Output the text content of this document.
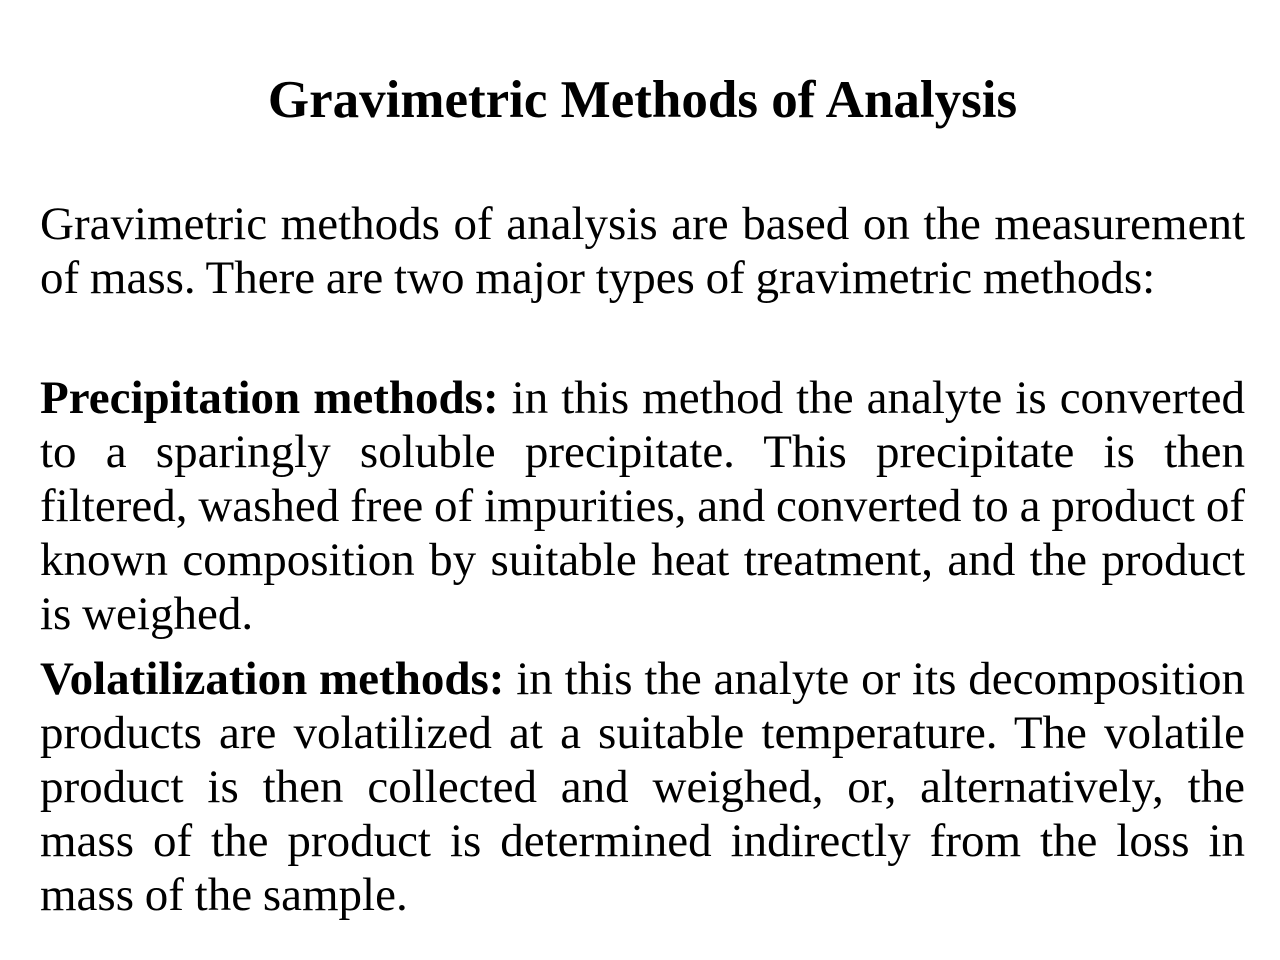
Gravimetric Methods of Analysis

Gravimetric methods of analysis are based on the measurement of mass. There are two major types of gravimetric methods:

Precipitation methods: in this method the analyte is converted to a sparingly soluble precipitate. This precipitate is then filtered, washed free of impurities, and converted to a product of known composition by suitable heat treatment, and the product is weighed.

Volatilization methods: in this the analyte or its decomposition products are volatilized at a suitable temperature. The volatile product is then collected and weighed, or, alternatively, the mass of the product is determined indirectly from the loss in mass of the sample.
